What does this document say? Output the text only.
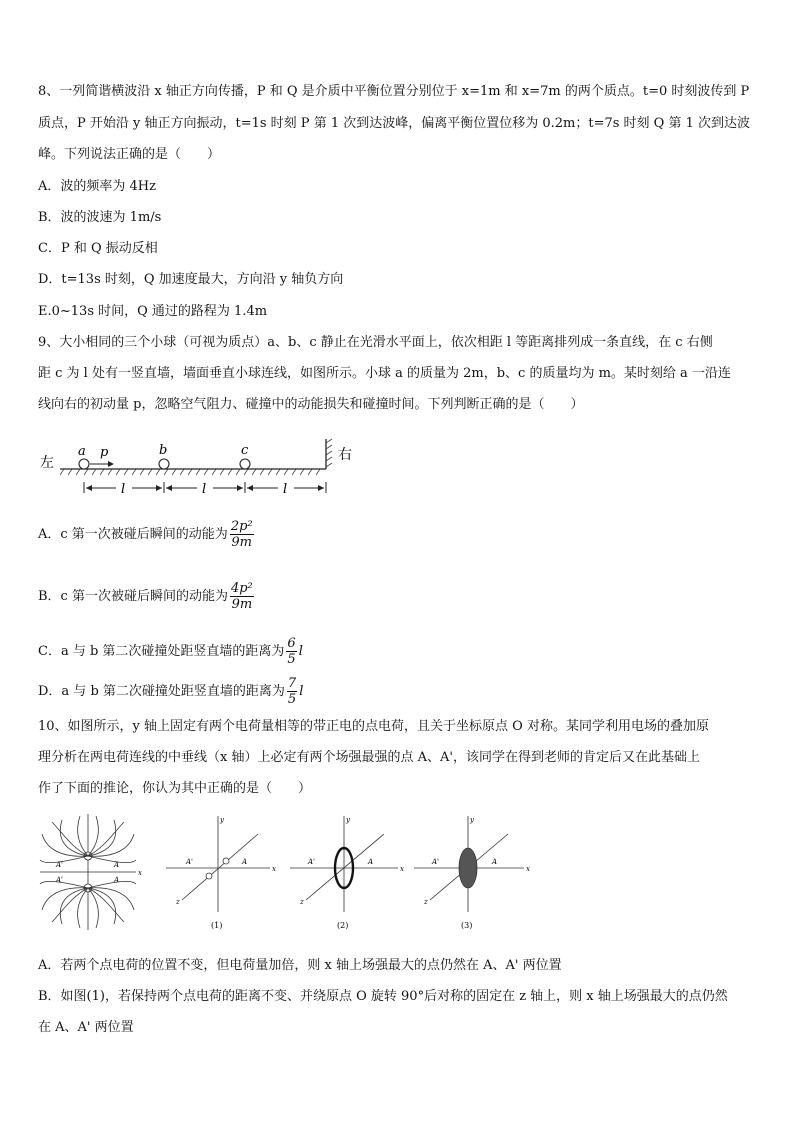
8、一列简谐横波沿 x 轴正方向传播，P 和 Q 是介质中平衡位置分别位于 x=1m 和 x=7m 的两个质点。t=0 时刻波传到 P
质点，P 开始沿 y 轴正方向振动，t=1s 时刻 P 第 1 次到达波峰，偏离平衡位置位移为 0.2m；t=7s 时刻 Q 第 1 次到达波
峰。下列说法正确的是（　　）
A．波的频率为 4Hz
B．波的波速为 1m/s
C．P 和 Q 振动反相
D．t=13s 时刻，Q 加速度最大，方向沿 y 轴负方向
E.0~13s 时间，Q 通过的路程为 1.4m
9、大小相同的三个小球（可视为质点）a、b、c 静止在光滑水平面上，依次相距 l 等距离排列成一条直线，在 c 右侧
距 c 为 l 处有一竖直墙，墙面垂直小球连线，如图所示。小球 a 的质量为 2m，b、c 的质量均为 m。某时刻给 a 一沿连
线向右的初动量 p，忽略空气阻力、碰撞中的动能损失和碰撞时间。下列判断正确的是（　　）
左	右
a	b	c
p
l	l	l
A．c 第一次被碰后瞬间的动能为 $\frac{\text{2p²}}{9m}$
B．c 第一次被碰后瞬间的动能为 $\frac{\text{4p²}}{9m}$
C．a 与 b 第二次碰撞处距竖直墙的距离为 $\frac{6}{5}$ l
D．a 与 b 第二次碰撞处距竖直墙的距离为 $\frac{7}{5}$ l
10、如图所示，y 轴上固定有两个电荷量相等的带正电的点电荷，且关于坐标原点 O 对称。某同学利用电场的叠加原
理分析在两电荷连线的中垂线（x 轴）上必定有两个场强最强的点 A、A'，该同学在得到老师的肯定后又在此基础上
作了下面的推论，你认为其中正确的是（　　）
A'	A
A'	A
x
y
x
z
A'	A
(1)
y
x
z
A'	A
(2)
y
x
z
A'	A
(3)
A．若两个点电荷的位置不变，但电荷量加倍，则 x 轴上场强最大的点仍然在 A、A' 两位置
B．如图(1)，若保持两个点电荷的距离不变、并绕原点 O 旋转 90°后对称的固定在 z 轴上，则 x 轴上场强最大的点仍然
在 A、A' 两位置
